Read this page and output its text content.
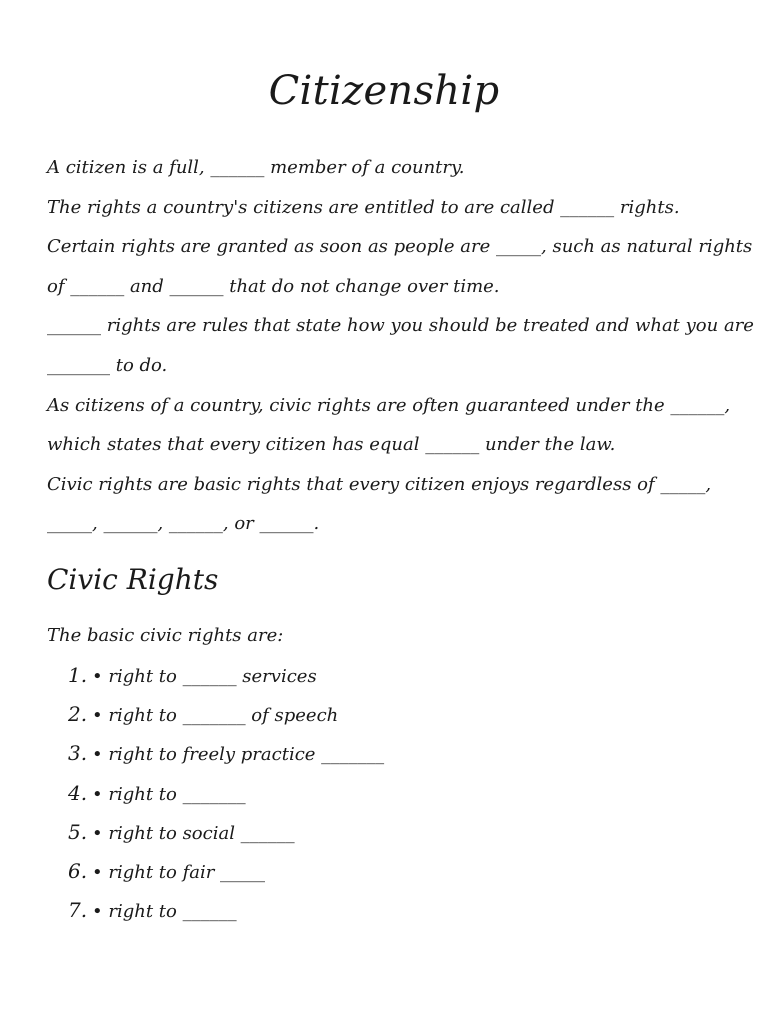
Citizenship
A citizen is a full, ______ member of a country.
The rights a country's citizens are entitled to are called ______ rights.
Certain rights are granted as soon as people are _____, such as natural rights
of ______ and ______ that do not change over time.
______ rights are rules that state how you should be treated and what you are
_______ to do.
As citizens of a country, civic rights are often guaranteed under the ______,
which states that every citizen has equal ______ under the law.
Civic rights are basic rights that every citizen enjoys regardless of _____,
_____, ______, ______, or ______.
Civic Rights

The basic civic rights are:

1. • right to ______ services
2. • right to _______ of speech
3. • right to freely practice _______
4. • right to _______
5. • right to social ______
6. • right to fair _____
7. • right to ______
